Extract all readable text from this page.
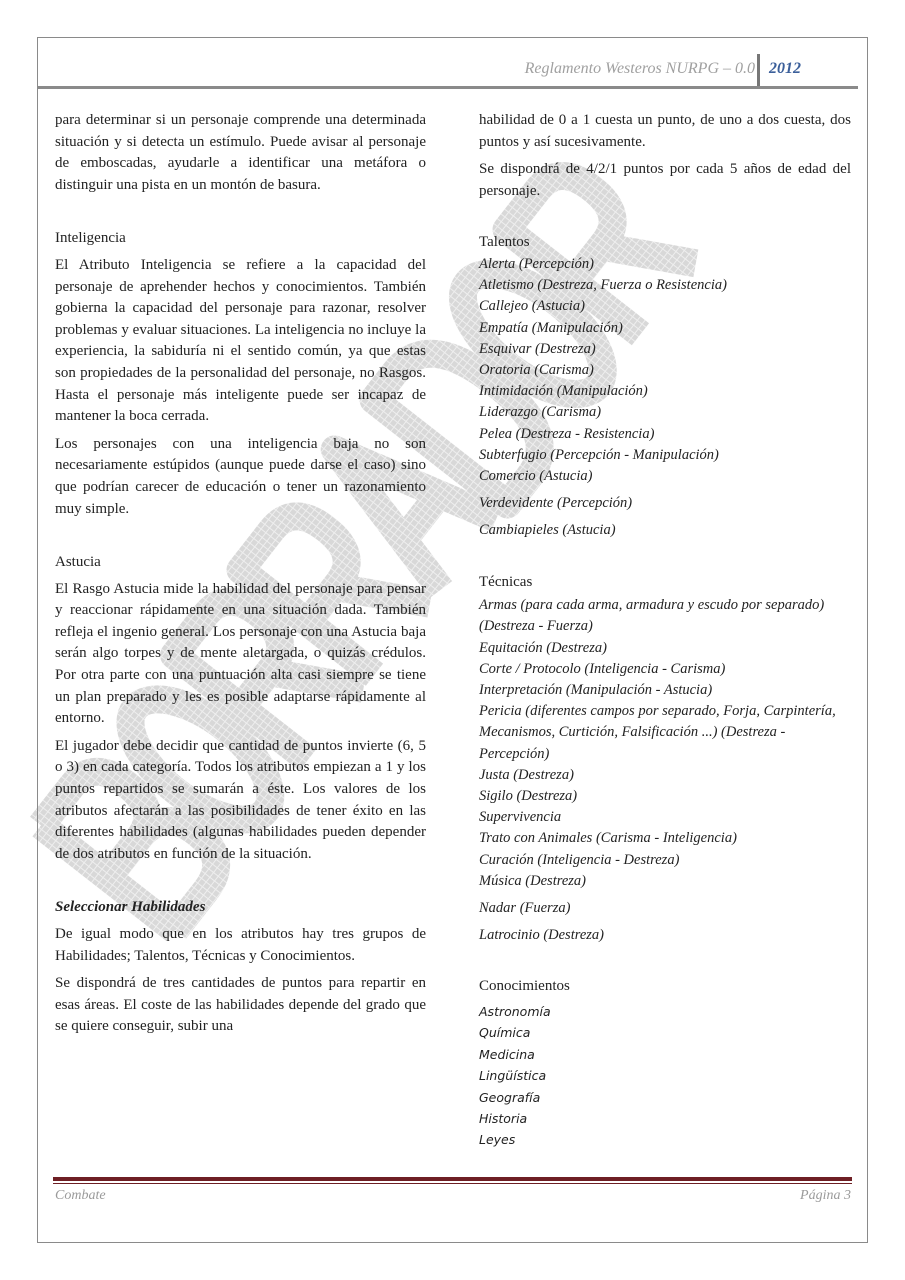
Reglamento Westeros NURPG – 0.0 2012

para determinar si un personaje comprende una determinada situación y si detecta un estímulo. Puede avisar al personaje de emboscadas, ayudarle a identificar una metáfora o distinguir una pista en un montón de basura.

Inteligencia

El Atributo Inteligencia se refiere a la capacidad del personaje de aprehender hechos y conocimientos. También gobierna la capacidad del personaje para razonar, resolver problemas y evaluar situaciones. La inteligencia no incluye la experiencia, la sabiduría ni el sentido común, ya que estas son propiedades de la personalidad del personaje, no Rasgos. Hasta el personaje más inteligente puede ser incapaz de mantener la boca cerrada.

Los personajes con una inteligencia baja no son necesariamente estúpidos (aunque puede darse el caso) sino que podrían carecer de educación o tener un razonamiento muy simple.

Astucia

El Rasgo Astucia mide la habilidad del personaje para pensar y reaccionar rápidamente en una situación dada. También refleja el ingenio general. Los personaje con una Astucia baja serán algo torpes y de mente aletargada, o quizás crédulos. Por otra parte con una puntuación alta casi siempre se tiene un plan preparado y les es posible adaptarse rápidamente al entorno.

El jugador debe decidir que cantidad de puntos invierte (6, 5 o 3) en cada categoría. Todos los atributos empiezan a 1 y los puntos repartidos se sumarán a éste. Los valores de los atributos afectarán a las posibilidades de tener éxito en las diferentes habilidades (algunas habilidades pueden depender de dos atributos en función de la situación.

Seleccionar Habilidades

De igual modo que en los atributos hay tres grupos de Habilidades; Talentos, Técnicas y Conocimientos.

Se dispondrá de tres cantidades de puntos para repartir en esas áreas. El coste de las habilidades depende del grado que se quiere conseguir, subir una

habilidad de 0 a 1 cuesta un punto, de uno a dos cuesta, dos puntos y así sucesivamente.

Se dispondrá de 4/2/1 puntos por cada 5 años de edad del personaje.

Talentos
Alerta (Percepción)
Atletismo (Destreza, Fuerza o Resistencia)
Callejeo (Astucia)
Empatía (Manipulación)
Esquivar (Destreza)
Oratoria (Carisma)
Intimidación (Manipulación)
Liderazgo (Carisma)
Pelea (Destreza - Resistencia)
Subterfugio (Percepción - Manipulación)
Comercio (Astucia)
Verdevidente (Percepción)
Cambiapieles (Astucia)
Técnicas
Armas (para cada arma, armadura y escudo por separado)
(Destreza - Fuerza)
Equitación (Destreza)
Corte / Protocolo (Inteligencia - Carisma)
Interpretación (Manipulación - Astucia)
Pericia (diferentes campos por separado, Forja, Carpintería,
Mecanismos, Curtición, Falsificación ...) (Destreza -
Percepción)
Justa (Destreza)
Sigilo (Destreza)
Supervivencia
Trato con Animales (Carisma - Inteligencia)
Curación (Inteligencia - Destreza)
Música (Destreza)
Nadar (Fuerza)
Latrocinio (Destreza)
Conocimientos
Astronomía
Química
Medicina
Lingüística
Geografía
Historia
Leyes
Combate	Página 3
